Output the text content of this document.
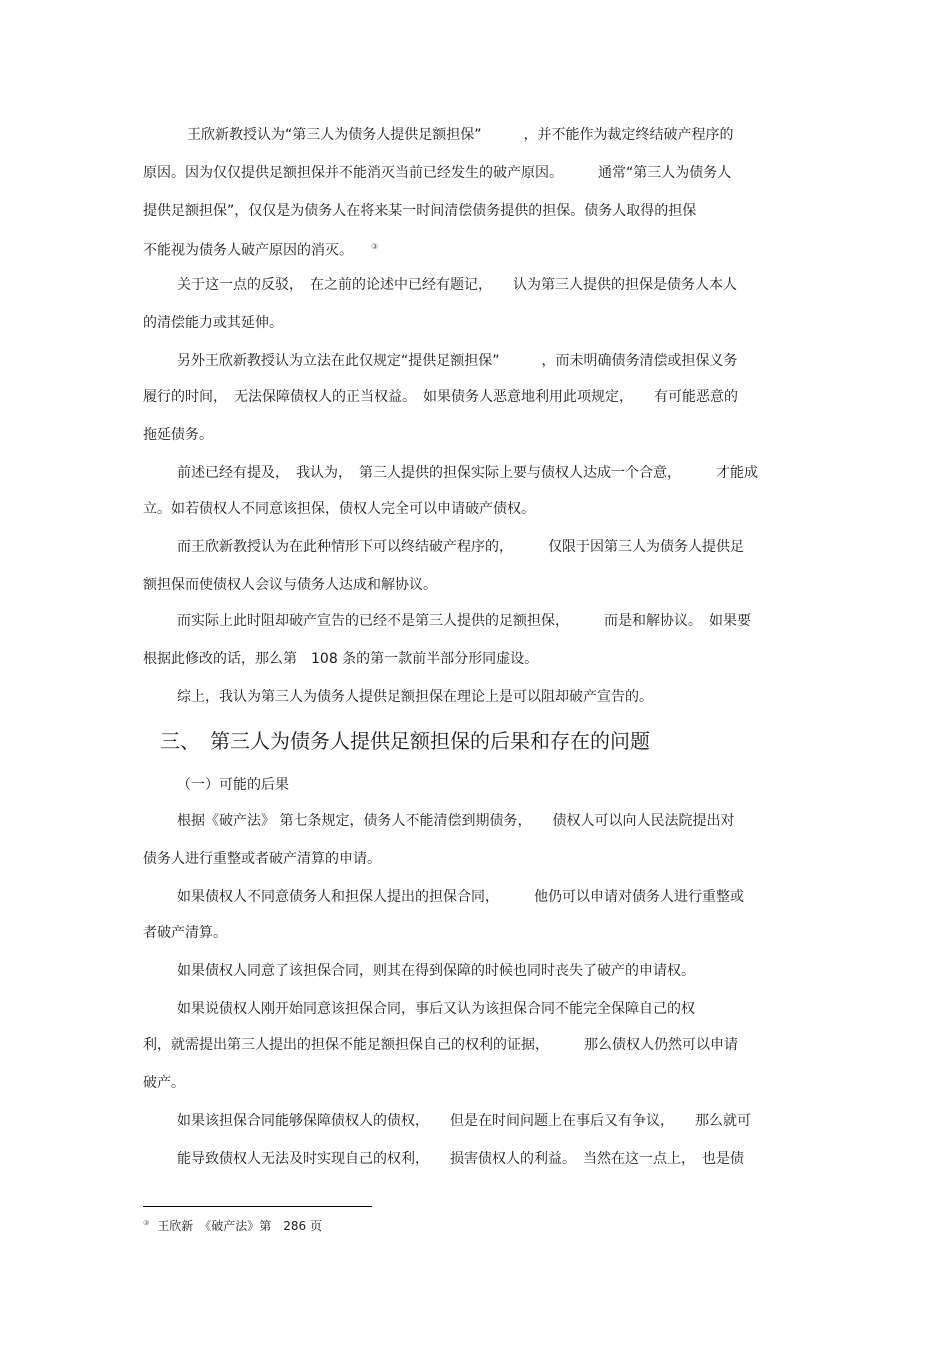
王欣新教授认为“第三人为债务人提供足额担保”　　　，并不能作为裁定终结破产程序的
原因。因为仅仅提供足额担保并不能消灭当前已经发生的破产原因。　　　通常“第三人为债务人
提供足额担保”，仅仅是为债务人在将来某一时间清偿债务提供的担保。债务人取得的担保
不能视为债务人破产原因的消灭。 ③
关于这一点的反驳，　在之前的论述中已经有题记，　　认为第三人提供的担保是债务人本人
的清偿能力或其延伸。
另外王欣新教授认为立法在此仅规定“提供足额担保”　　　，而未明确债务清偿或担保义务
履行的时间，　无法保障债权人的正当权益。　如果债务人恶意地利用此项规定，　　有可能恶意的
拖延债务。
前述已经有提及，　我认为，　第三人提供的担保实际上要与债权人达成一个合意，　　　才能成
立。如若债权人不同意该担保，债权人完全可以申请破产债权。
而王欣新教授认为在此种情形下可以终结破产程序的，　　　仅限于因第三人为债务人提供足
额担保而使债权人会议与债务人达成和解协议。
而实际上此时阻却破产宣告的已经不是第三人提供的足额担保，　　　而是和解协议。　如果要
根据此修改的话，那么第　108 条的第一款前半部分形同虚设。
综上，我认为第三人为债务人提供足额担保在理论上是可以阻却破产宣告的。
三、　第三人为债务人提供足额担保的后果和存在的问题
（一）可能的后果
根据《破产法》 第七条规定，债务人不能清偿到期债务，　　债权人可以向人民法院提出对
债务人进行重整或者破产清算的申请。
如果债权人不同意债务人和担保人提出的担保合同，　　　他仍可以申请对债务人进行重整或
者破产清算。
如果债权人同意了该担保合同，则其在得到保障的时候也同时丧失了破产的申请权。
如果说债权人刚开始同意该担保合同，事后又认为该担保合同不能完全保障自己的权
利，就需提出第三人提出的担保不能足额担保自己的权利的证据，　　　那么债权人仍然可以申请
破产。
如果该担保合同能够保障债权人的债权，　　但是在时间问题上在事后又有争议，　　那么就可
能导致债权人无法及时实现自己的权利，　　损害债权人的利益。　当然在这一点上，　也是债
③ 王欣新　《破产法》第　286 页
